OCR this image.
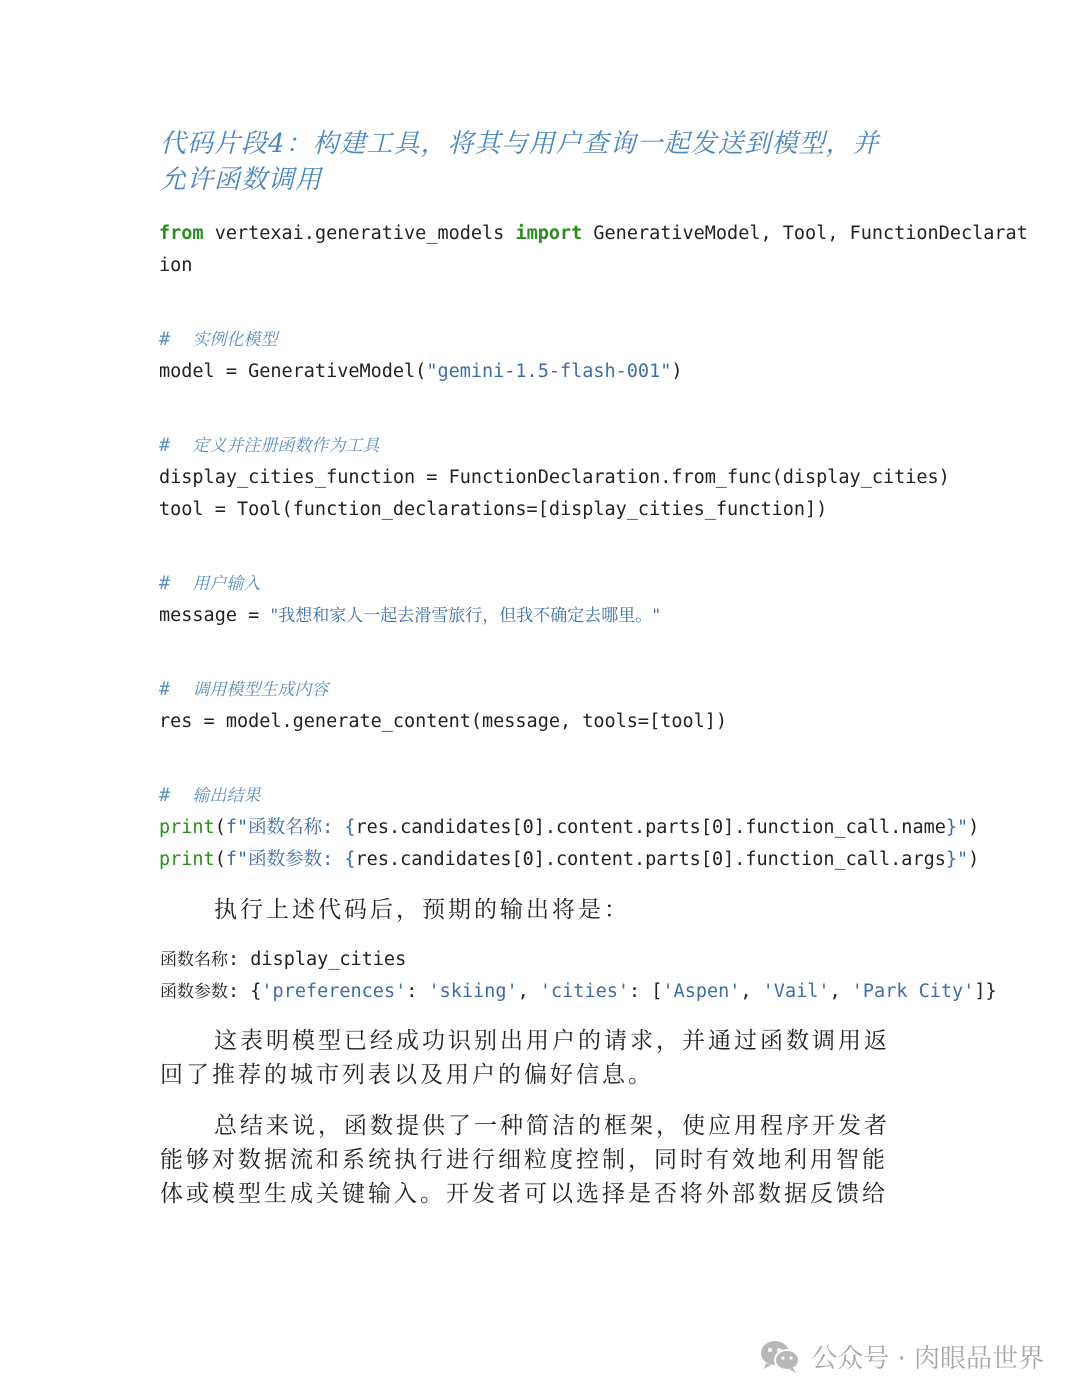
代码片段4：构建工具，将其与用户查询一起发送到模型，并
允许函数调用
from vertexai.generative_models import GenerativeModel, Tool, FunctionDeclarat
ion
#  实例化模型
model = GenerativeModel("gemini-1.5-flash-001")
#  定义并注册函数作为工具
display_cities_function = FunctionDeclaration.from_func(display_cities)
tool = Tool(function_declarations=[display_cities_function])
#  用户输入
message = "我想和家人一起去滑雪旅行，但我不确定去哪里。"
#  调用模型生成内容
res = model.generate_content(message, tools=[tool])
#  输出结果
print(f"函数名称: {res.candidates[0].content.parts[0].function_call.name}")
print(f"函数参数: {res.candidates[0].content.parts[0].function_call.args}")
执行上述代码后，预期的输出将是：
函数名称: display_cities
函数参数: {'preferences': 'skiing', 'cities': ['Aspen', 'Vail', 'Park City']}
这表明模型已经成功识别出用户的请求，并通过函数调用返回了推荐的城市列表以及用户的偏好信息。
总结来说，函数提供了一种简洁的框架，使应用程序开发者能够对数据流和系统执行进行细粒度控制，同时有效地利用智能体或模型生成关键输入。开发者可以选择是否将外部数据反馈给
公众号 · 肉眼品世界
